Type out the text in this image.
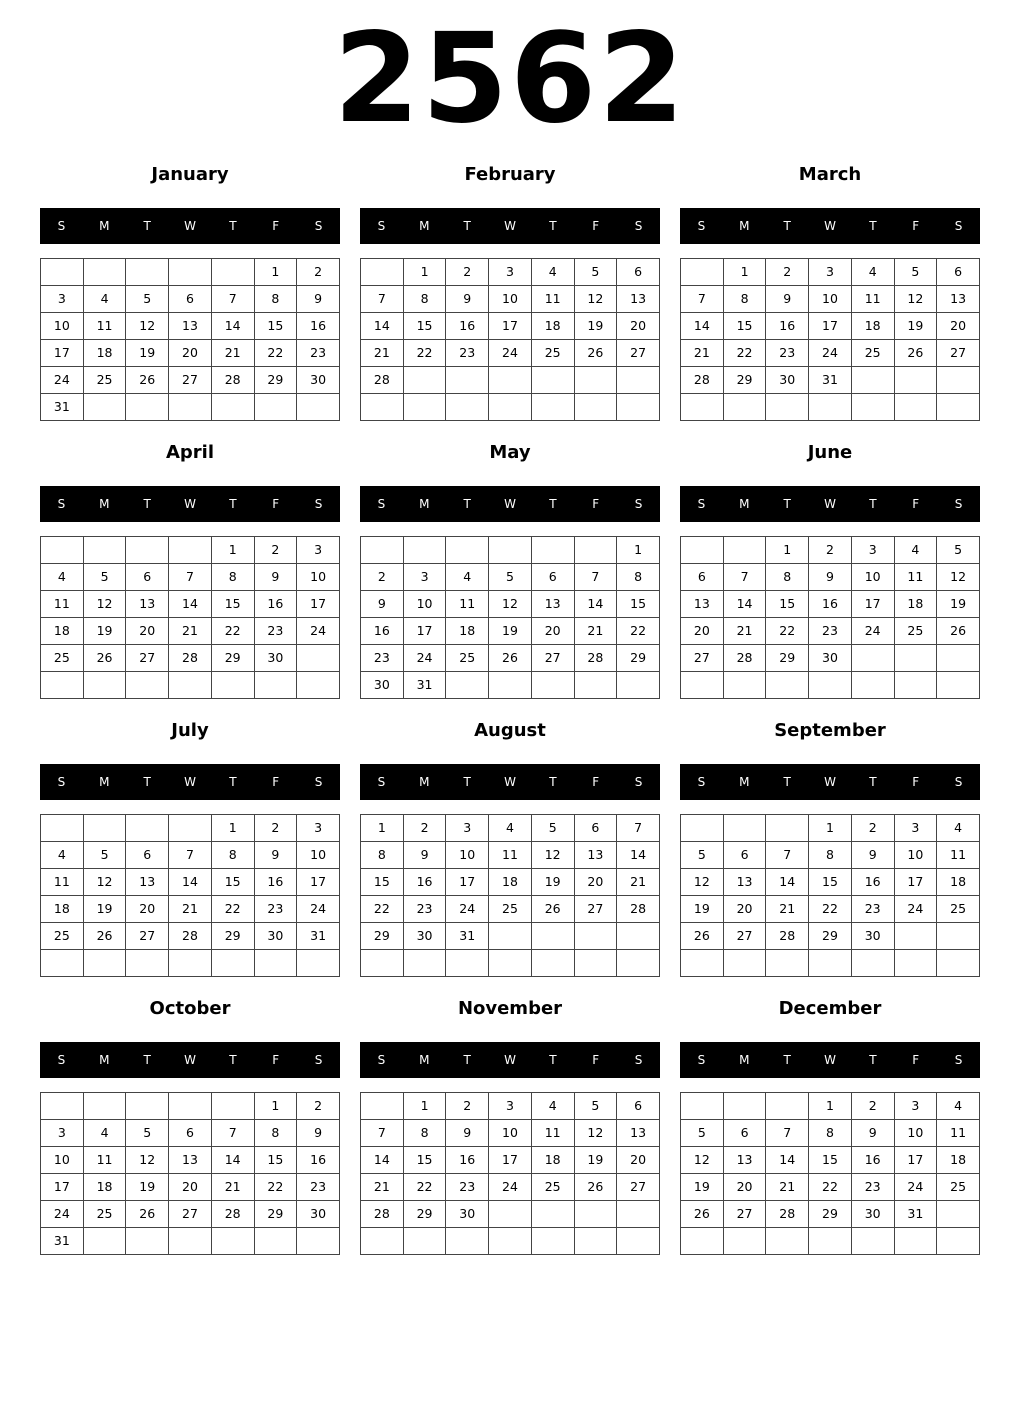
2562
January
S	M	T	W	T	F	S
					1	2
3	4	5	6	7	8	9
10	11	12	13	14	15	16
17	18	19	20	21	22	23
24	25	26	27	28	29	30
31						
February
S	M	T	W	T	F	S
	1	2	3	4	5	6
7	8	9	10	11	12	13
14	15	16	17	18	19	20
21	22	23	24	25	26	27
28						

March
S	M	T	W	T	F	S
	1	2	3	4	5	6
7	8	9	10	11	12	13
14	15	16	17	18	19	20
21	22	23	24	25	26	27
28	29	30	31			

April
S	M	T	W	T	F	S
				1	2	3
4	5	6	7	8	9	10
11	12	13	14	15	16	17
18	19	20	21	22	23	24
25	26	27	28	29	30	

May
S	M	T	W	T	F	S
						1
2	3	4	5	6	7	8
9	10	11	12	13	14	15
16	17	18	19	20	21	22
23	24	25	26	27	28	29
30	31					
June
S	M	T	W	T	F	S
		1	2	3	4	5
6	7	8	9	10	11	12
13	14	15	16	17	18	19
20	21	22	23	24	25	26
27	28	29	30			

July
S	M	T	W	T	F	S
				1	2	3
4	5	6	7	8	9	10
11	12	13	14	15	16	17
18	19	20	21	22	23	24
25	26	27	28	29	30	31

August
S	M	T	W	T	F	S
1	2	3	4	5	6	7
8	9	10	11	12	13	14
15	16	17	18	19	20	21
22	23	24	25	26	27	28
29	30	31				

September
S	M	T	W	T	F	S
			1	2	3	4
5	6	7	8	9	10	11
12	13	14	15	16	17	18
19	20	21	22	23	24	25
26	27	28	29	30		

October
S	M	T	W	T	F	S
					1	2
3	4	5	6	7	8	9
10	11	12	13	14	15	16
17	18	19	20	21	22	23
24	25	26	27	28	29	30
31						
November
S	M	T	W	T	F	S
	1	2	3	4	5	6
7	8	9	10	11	12	13
14	15	16	17	18	19	20
21	22	23	24	25	26	27
28	29	30				

December
S	M	T	W	T	F	S
			1	2	3	4
5	6	7	8	9	10	11
12	13	14	15	16	17	18
19	20	21	22	23	24	25
26	27	28	29	30	31	
